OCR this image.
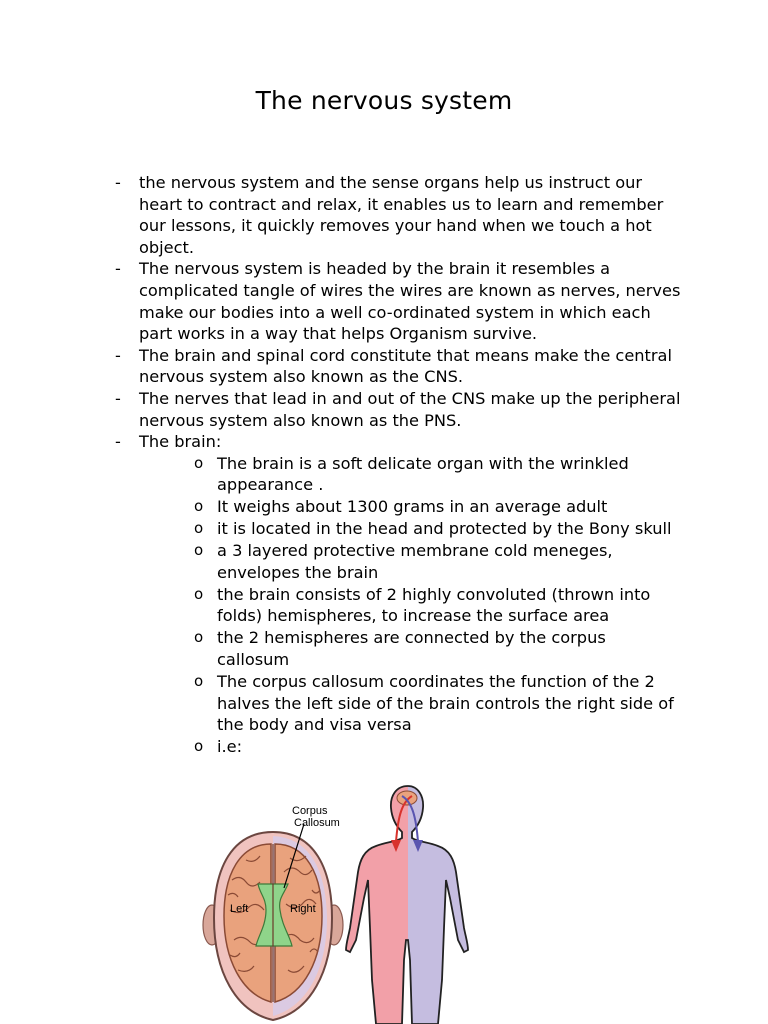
The nervous system
- the nervous system and the sense organs help us instruct our heart to contract and relax, it enables us to learn and remember our lessons, it quickly removes your hand when we touch a hot object.
- The nervous system is headed by the brain it resembles a complicated tangle of wires the wires are known as nerves, nerves make our bodies into a well co-ordinated system in which each part works in a way that helps Organism survive.
- The brain and spinal cord constitute that means make the central nervous system also known as the CNS.
- The nerves that lead in and out of the CNS make up the peripheral nervous system also known as the PNS.
- The brain:
o The brain is a soft delicate organ with the wrinkled appearance .
o It weighs about 1300 grams in an average adult
o it is located in the head and protected by the Bony skull
o a 3 layered protective membrane cold meneges, envelopes the brain
o the brain consists of 2 highly convoluted (thrown into folds) hemispheres, to increase the surface area
o the 2 hemispheres are connected by the corpus callosum
o The corpus callosum coordinates the function of the 2 halves the left side of the brain controls the right side of the body and visa versa
o i.e:
Corpus
Callosum
Left	Right
